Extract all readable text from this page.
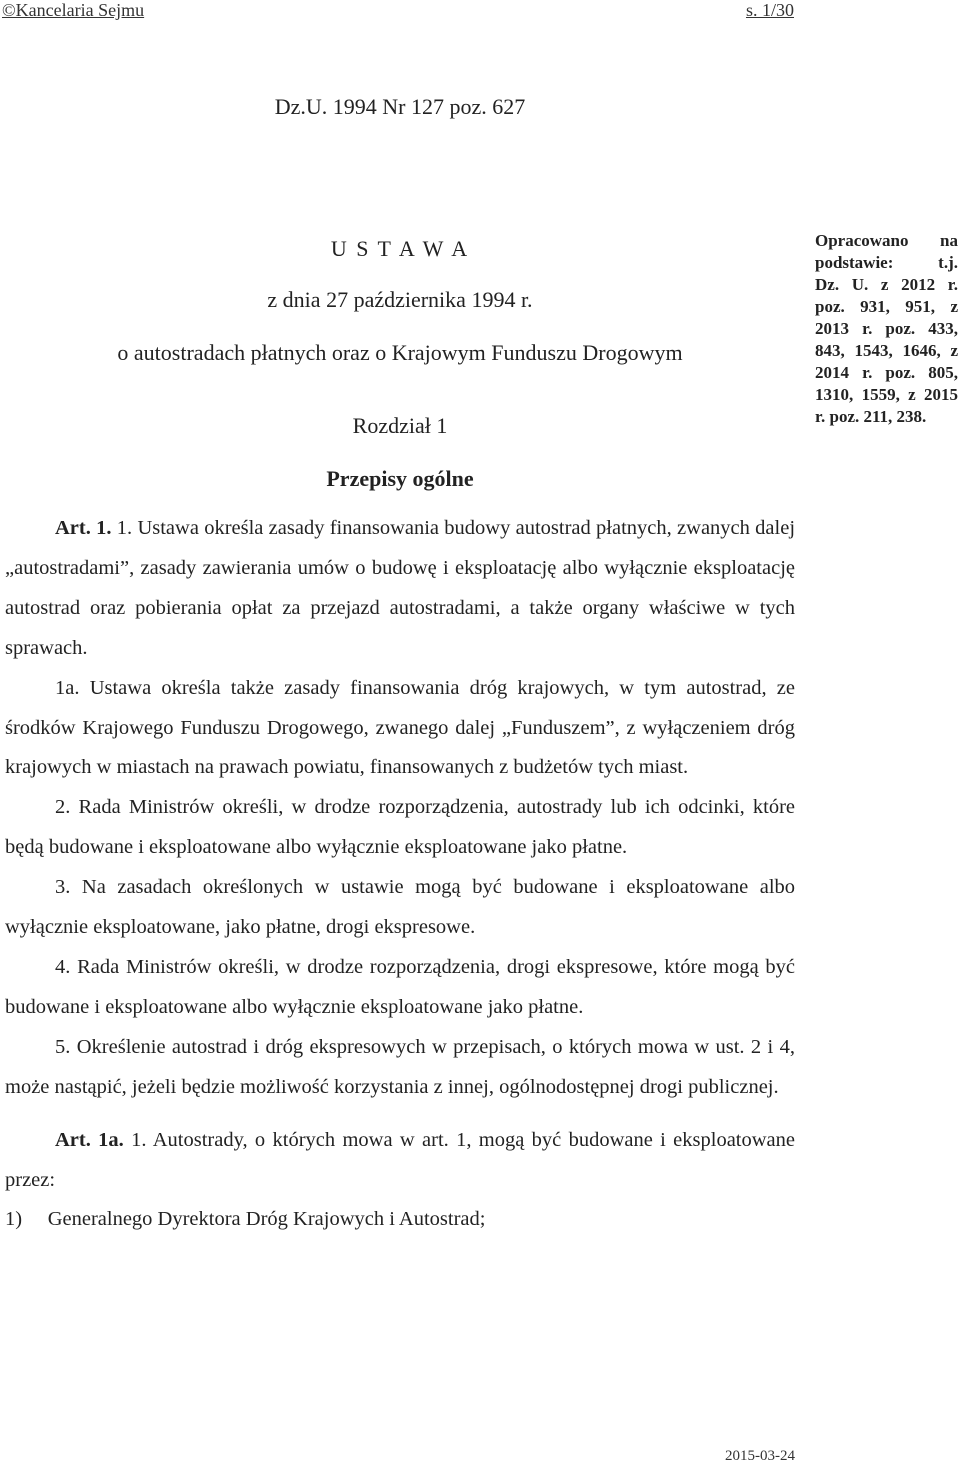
©Kancelaria Sejmu	s. 1/30
Dz.U. 1994 Nr 127 poz. 627
U S T A W A
z dnia 27 października 1994 r.
o autostradach płatnych oraz o Krajowym Funduszu Drogowym
Rozdział 1
Przepisy ogólne
Opracowano na podstawie: t.j.
Dz. U. z 2012 r. poz. 931, 951, z 2013 r. poz. 433, 843, 1543, 1646, z 2014 r. poz. 805, 1310, 1559, z 2015 r. poz. 211, 238.

Art. 1. 1. Ustawa określa zasady finansowania budowy autostrad płatnych, zwanych dalej „autostradami”, zasady zawierania umów o budowę i eksploatację albo wyłącznie eksploatację autostrad oraz pobierania opłat za przejazd autostradami, a także organy właściwe w tych sprawach.

1a. Ustawa określa także zasady finansowania dróg krajowych, w tym autostrad, ze środków Krajowego Funduszu Drogowego, zwanego dalej „Funduszem”, z wyłączeniem dróg krajowych w miastach na prawach powiatu, finansowanych z budżetów tych miast.

2. Rada Ministrów określi, w drodze rozporządzenia, autostrady lub ich odcinki, które będą budowane i eksploatowane albo wyłącznie eksploatowane jako płatne.

3. Na zasadach określonych w ustawie mogą być budowane i eksploatowane albo wyłącznie eksploatowane, jako płatne, drogi ekspresowe.

4. Rada Ministrów określi, w drodze rozporządzenia, drogi ekspresowe, które mogą być budowane i eksploatowane albo wyłącznie eksploatowane jako płatne.

5. Określenie autostrad i dróg ekspresowych w przepisach, o których mowa w ust. 2 i 4, może nastąpić, jeżeli będzie możliwość korzystania z innej, ogólnodostępnej drogi publicznej.

Art. 1a. 1. Autostrady, o których mowa w art. 1, mogą być budowane i eksploatowane przez:

1) Generalnego Dyrektora Dróg Krajowych i Autostrad;

2015-03-24
